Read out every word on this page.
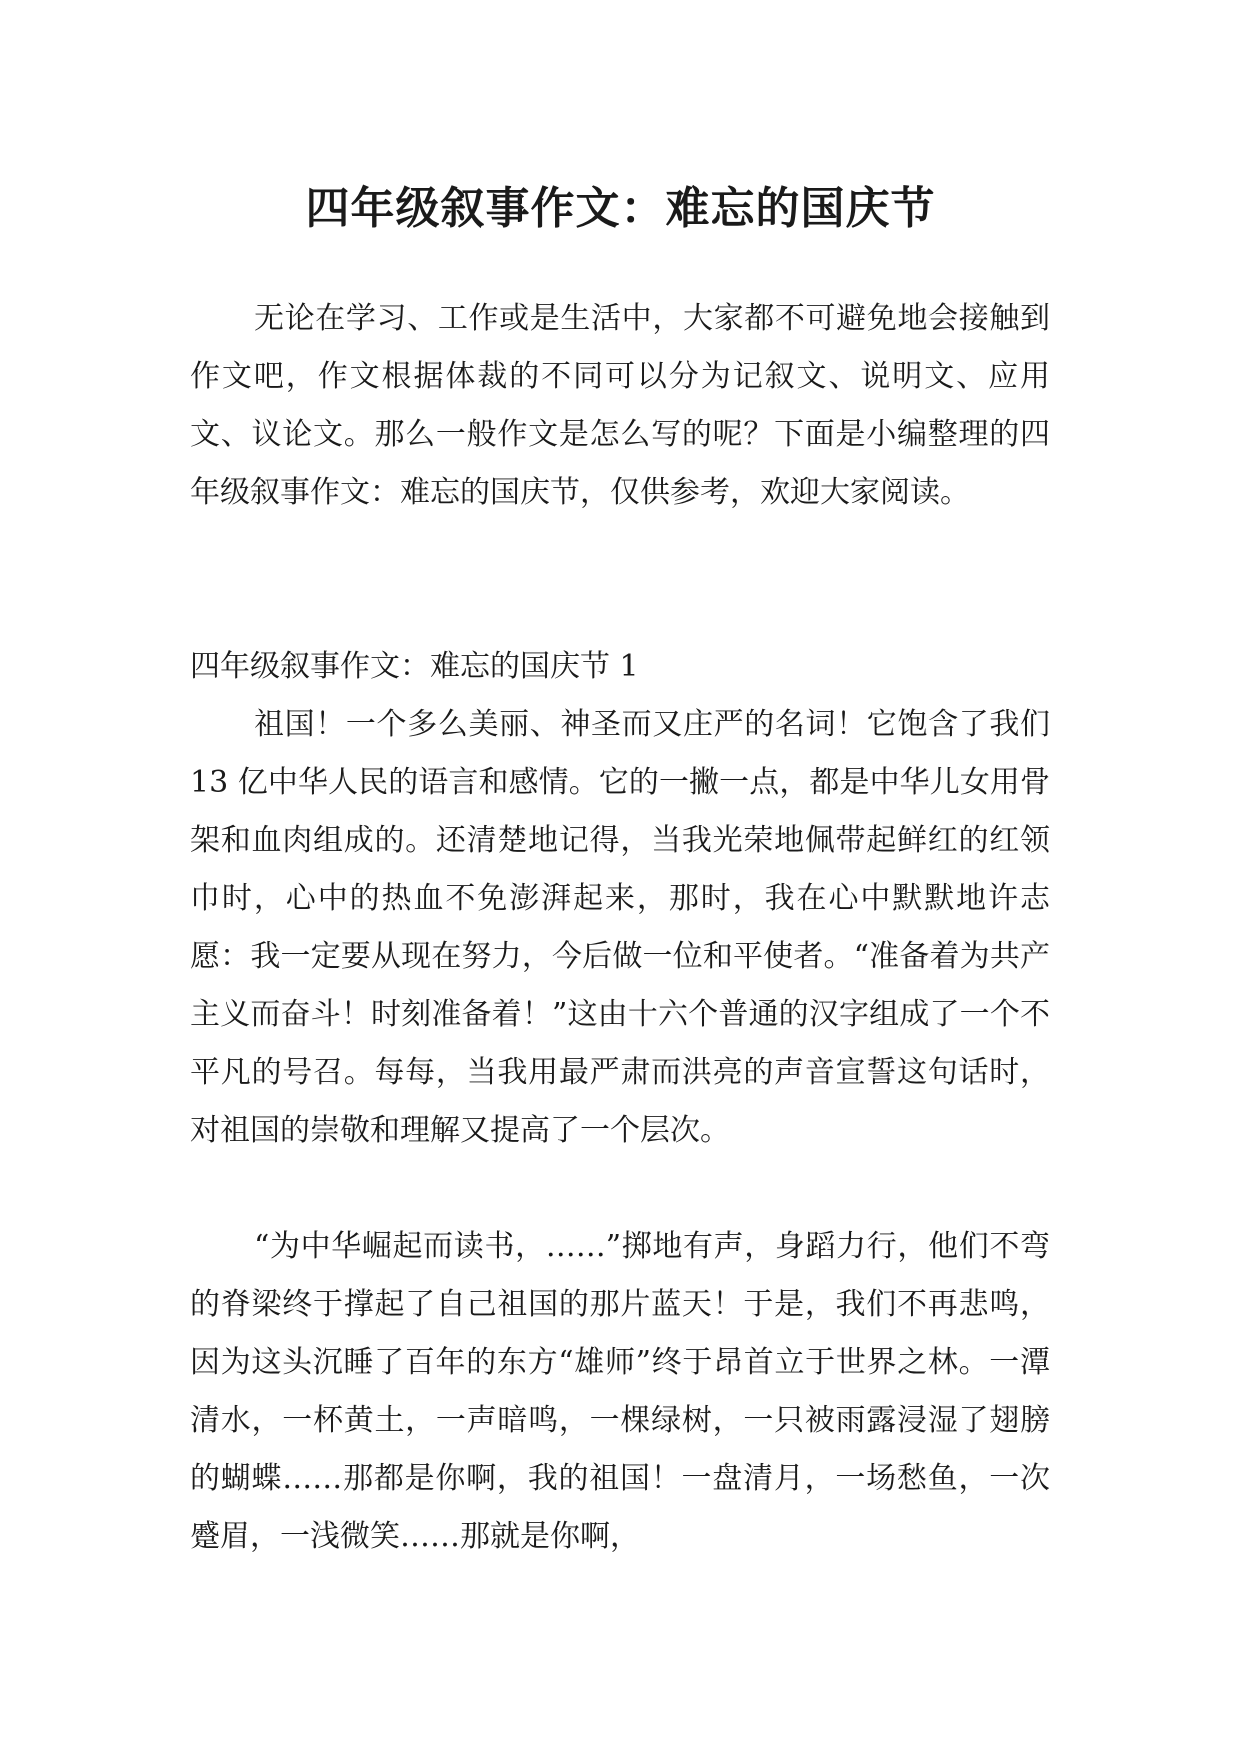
四年级叙事作文：难忘的国庆节

无论在学习、工作或是生活中，大家都不可避免地会接触到作文吧，作文根据体裁的不同可以分为记叙文、说明文、应用文、议论文。那么一般作文是怎么写的呢？下面是小编整理的四年级叙事作文：难忘的国庆节，仅供参考，欢迎大家阅读。

四年级叙事作文：难忘的国庆节 1

祖国！一个多么美丽、神圣而又庄严的名词！它饱含了我们 13 亿中华人民的语言和感情。它的一撇一点，都是中华儿女用骨架和血肉组成的。还清楚地记得，当我光荣地佩带起鲜红的红领巾时，心中的热血不免澎湃起来，那时，我在心中默默地许志愿：我一定要从现在努力，今后做一位和平使者。“准备着为共产主义而奋斗！时刻准备着！”这由十六个普通的汉字组成了一个不平凡的号召。每每，当我用最严肃而洪亮的声音宣誓这句话时，对祖国的崇敬和理解又提高了一个层次。

“为中华崛起而读书，……”掷地有声，身蹈力行，他们不弯的脊梁终于撑起了自己祖国的那片蓝天！于是，我们不再悲鸣，因为这头沉睡了百年的东方“雄师”终于昂首立于世界之林。一潭清水，一杯黄土，一声暗鸣，一棵绿树，一只被雨露浸湿了翅膀的蝴蝶……那都是你啊，我的祖国！一盘清月，一场愁鱼，一次蹙眉，一浅微笑……那就是你啊，
